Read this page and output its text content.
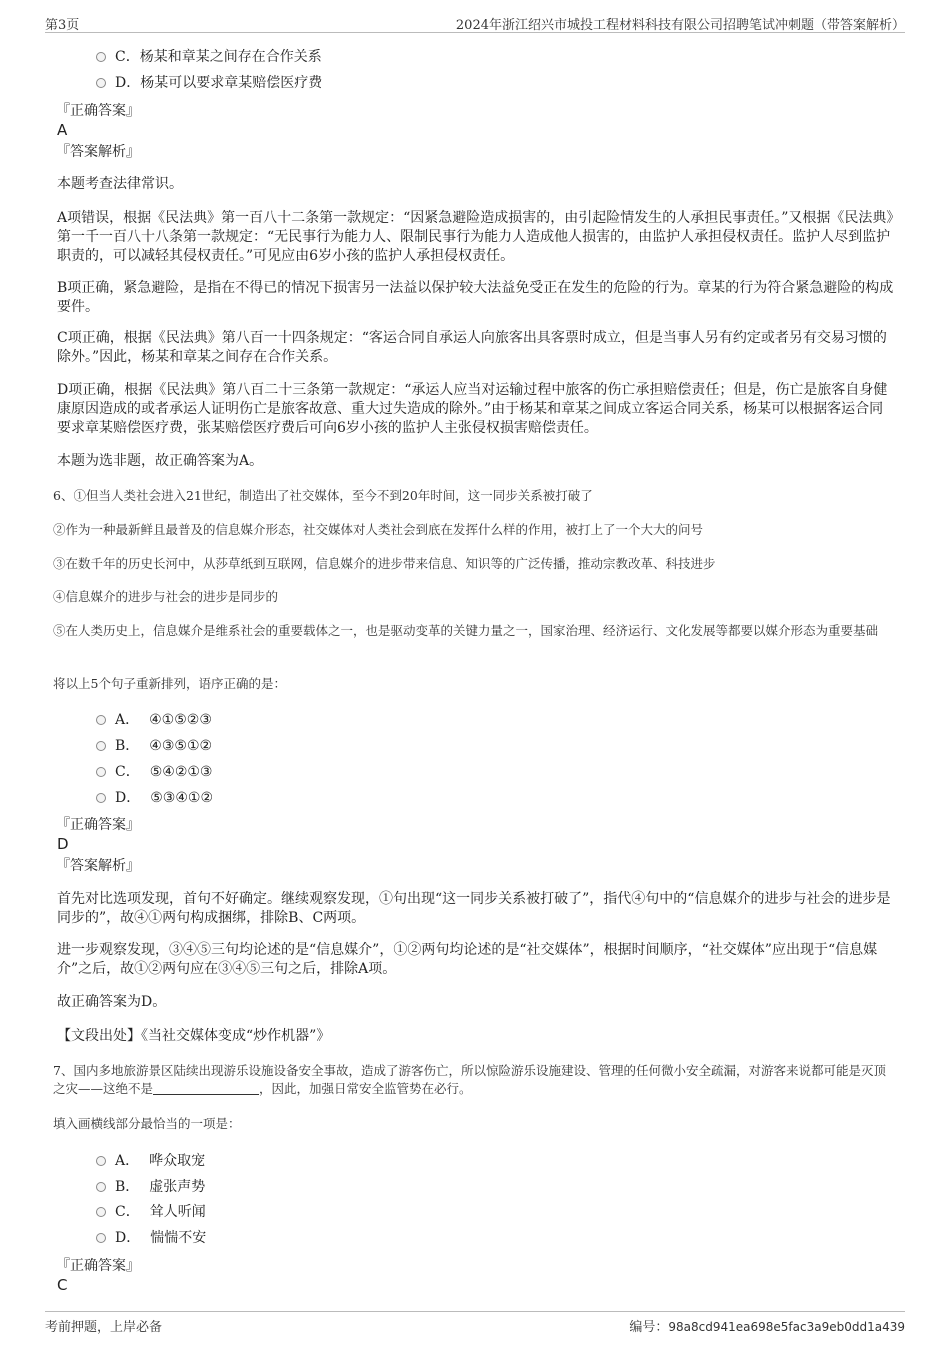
第3页	2024年浙江绍兴市城投工程材料科技有限公司招聘笔试冲刺题（带答案解析）
C．杨某和章某之间存在合作关系
D．杨某可以要求章某赔偿医疗费
『正确答案』
A
『答案解析』
本题考查法律常识。
A项错误，根据《民法典》第一百八十二条第一款规定：“因紧急避险造成损害的，由引起险情发生的人承担民事责任。”又根据《民法典》第一千一百八十八条第一款规定：“无民事行为能力人、限制民事行为能力人造成他人损害的，由监护人承担侵权责任。监护人尽到监护职责的，可以减轻其侵权责任。”可见应由6岁小孩的监护人承担侵权责任。
B项正确，紧急避险，是指在不得已的情况下损害另一法益以保护较大法益免受正在发生的危险的行为。章某的行为符合紧急避险的构成要件。
C项正确，根据《民法典》第八百一十四条规定：“客运合同自承运人向旅客出具客票时成立，但是当事人另有约定或者另有交易习惯的除外。”因此，杨某和章某之间存在合作关系。
D项正确，根据《民法典》第八百二十三条第一款规定：“承运人应当对运输过程中旅客的伤亡承担赔偿责任；但是，伤亡是旅客自身健康原因造成的或者承运人证明伤亡是旅客故意、重大过失造成的除外。”由于杨某和章某之间成立客运合同关系，杨某可以根据客运合同要求章某赔偿医疗费，张某赔偿医疗费后可向6岁小孩的监护人主张侵权损害赔偿责任。
本题为选非题，故正确答案为A。
6、①但当人类社会进入21世纪，制造出了社交媒体，至今不到20年时间，这一同步关系被打破了
②作为一种最新鲜且最普及的信息媒介形态，社交媒体对人类社会到底在发挥什么样的作用，被打上了一个大大的问号
③在数千年的历史长河中，从莎草纸到互联网，信息媒介的进步带来信息、知识等的广泛传播，推动宗教改革、科技进步
④信息媒介的进步与社会的进步是同步的
⑤在人类历史上，信息媒介是维系社会的重要载体之一，也是驱动变革的关键力量之一，国家治理、经济运行、文化发展等都要以媒介形态为重要基础
将以上5个句子重新排列，语序正确的是：
A． ④①⑤②③
B． ④③⑤①②
C． ⑤④②①③
D． ⑤③④①②
『正确答案』
D
『答案解析』
首先对比选项发现，首句不好确定。继续观察发现，①句出现“这一同步关系被打破了”，指代④句中的“信息媒介的进步与社会的进步是同步的”，故④①两句构成捆绑，排除B、C两项。
进一步观察发现，③④⑤三句均论述的是“信息媒介”，①②两句均论述的是“社交媒体”，根据时间顺序，“社交媒体”应出现于“信息媒介”之后，故①②两句应在③④⑤三句之后，排除A项。
故正确答案为D。
【文段出处】《当社交媒体变成“炒作机器”》
7、国内多地旅游景区陆续出现游乐设施设备安全事故，造成了游客伤亡，所以惊险游乐设施建设、管理的任何微小安全疏漏，对游客来说都可能是灭顶之灾——这绝不是	，因此，加强日常安全监管势在必行。
填入画横线部分最恰当的一项是：
A． 哗众取宠
B． 虚张声势
C． 耸人听闻
D． 惴惴不安
『正确答案』
C
考前押题，上岸必备	编号：98a8cd941ea698e5fac3a9eb0dd1a439
